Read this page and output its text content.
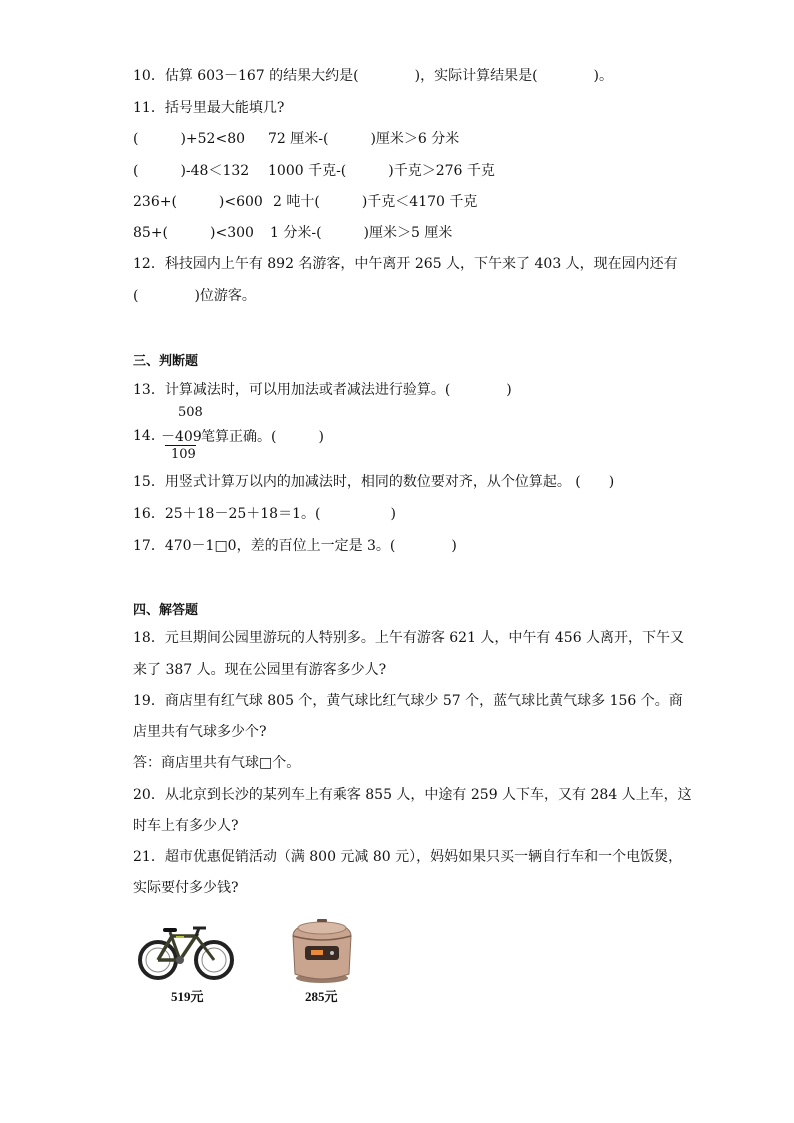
10．估算 603－167 的结果大约是(　　　　)，实际计算结果是(　　　　)。
11．括号里最大能填几?
(　　　)+52<80 72 厘米-(　　　)厘米＞6 分米
(　　　)-48＜132 1000 千克-(　　　)千克＞276 千克
236+(　　　)<600 2 吨十(　　　)千克＜4170 千克
85+(　　　)<300 1 分米-(　　　)厘米＞5 厘米
12．科技园内上午有 892 名游客，中午离开 265 人，下午来了 403 人，现在园内还有
(　　　　)位游客。
三、判断题
13．计算减法时，可以用加法或者减法进行验算。(　　　　)
14．
508
－409
109
笔算正确。(　　　)
15．用竖式计算万以内的加减法时，相同的数位要对齐，从个位算起。 (　　)
16．25＋18－25＋18＝1。(　　　　　)
17．470－1□0，差的百位上一定是 3。(　　　　)
四、解答题
18．元旦期间公园里游玩的人特别多。上午有游客 621 人，中午有 456 人离开，下午又
来了 387 人。现在公园里有游客多少人?
19．商店里有红气球 805 个，黄气球比红气球少 57 个，蓝气球比黄气球多 156 个。商
店里共有气球多少个?
答：商店里共有气球□个。
20．从北京到长沙的某列车上有乘客 855 人，中途有 259 人下车，又有 284 人上车，这
时车上有多少人?
21．超市优惠促销活动（满 800 元减 80 元），妈妈如果只买一辆自行车和一个电饭煲，
实际要付多少钱?
519元	285元
